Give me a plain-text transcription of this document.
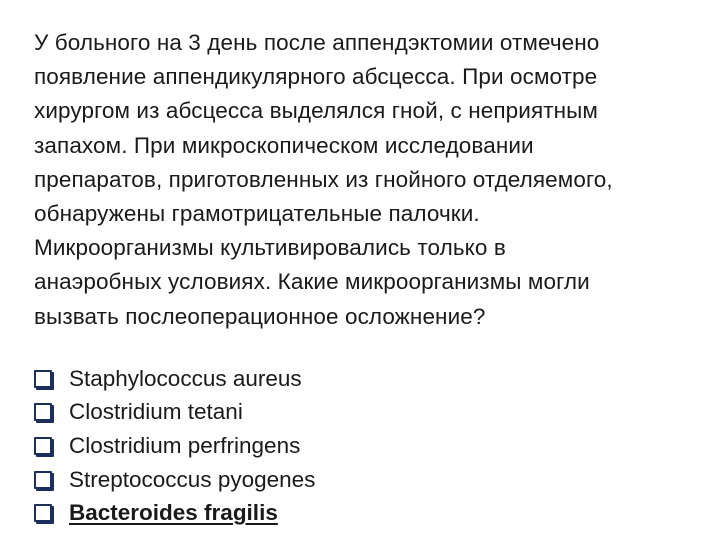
У больного на 3 день после аппендэктомии отмечено
появление аппендикулярного абсцесса. При осмотре
хирургом из абсцесса выделялся гной, с неприятным
запахом. При микроскопическом исследовании
препаратов, приготовленных из гнойного отделяемого,
обнаружены грамотрицательные палочки.
Микроорганизмы культивировались только в
анаэробных условиях. Какие микроорганизмы могли
вызвать послеоперационное осложнение?

Staphylococcus aureus
Clostridium tetani
Clostridium perfringens
Streptococcus pyogenes
Bacteroides fragilis
